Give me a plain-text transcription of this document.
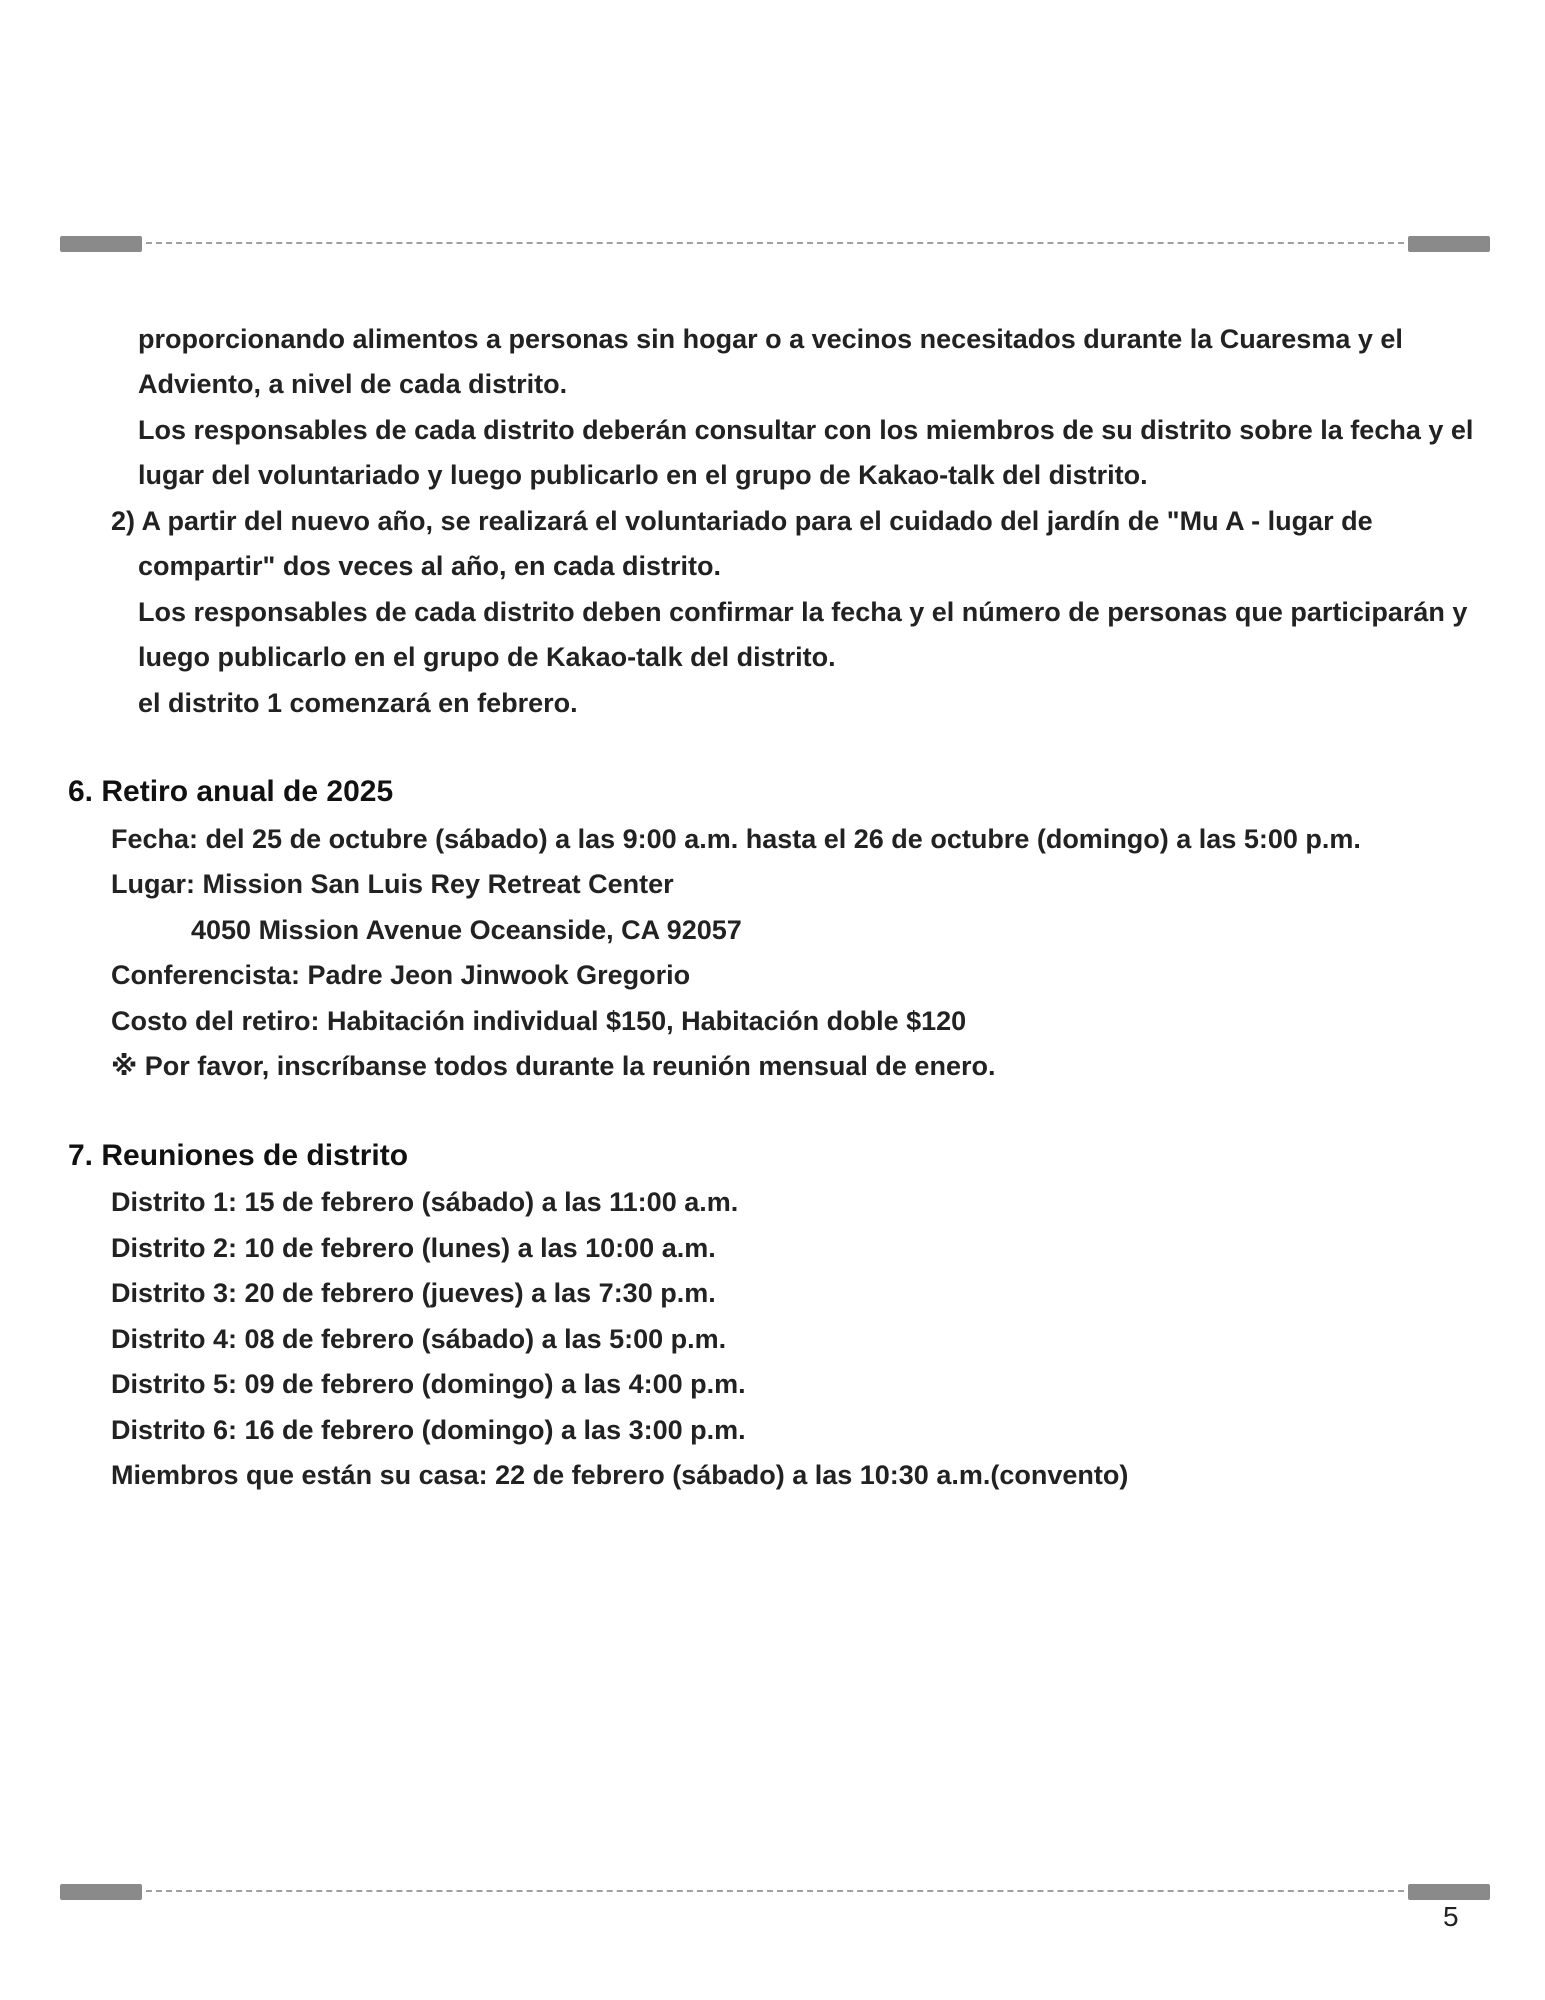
proporcionando alimentos a personas sin hogar o a vecinos necesitados durante la Cuaresma y el
Adviento, a nivel de cada distrito.
Los responsables de cada distrito deberán consultar con los miembros de su distrito sobre la fecha y el
lugar del voluntariado y luego publicarlo en el grupo de Kakao-talk del distrito.
2) A partir del nuevo año, se realizará el voluntariado para el cuidado del jardín de "Mu A - lugar de
compartir" dos veces al año, en cada distrito.
Los responsables de cada distrito deben confirmar la fecha y el número de personas que participarán y
luego publicarlo en el grupo de Kakao-talk del distrito.
el distrito 1 comenzará en febrero.
6. Retiro anual de 2025
Fecha: del 25 de octubre (sábado) a las 9:00 a.m. hasta el 26 de octubre (domingo) a las 5:00 p.m.
Lugar: Mission San Luis Rey Retreat Center
4050 Mission Avenue Oceanside, CA 92057
Conferencista: Padre Jeon Jinwook Gregorio
Costo del retiro: Habitación individual $150, Habitación doble $120
※ Por favor, inscríbanse todos durante la reunión mensual de enero.
7. Reuniones de distrito
Distrito 1: 15 de febrero (sábado) a las 11:00 a.m.
Distrito 2: 10 de febrero (lunes) a las 10:00 a.m.
Distrito 3: 20 de febrero (jueves) a las 7:30 p.m.
Distrito 4: 08 de febrero (sábado) a las 5:00 p.m.
Distrito 5: 09 de febrero (domingo) a las 4:00 p.m.
Distrito 6: 16 de febrero (domingo) a las 3:00 p.m.
Miembros que están su casa: 22 de febrero (sábado) a las 10:30 a.m.(convento)
5
